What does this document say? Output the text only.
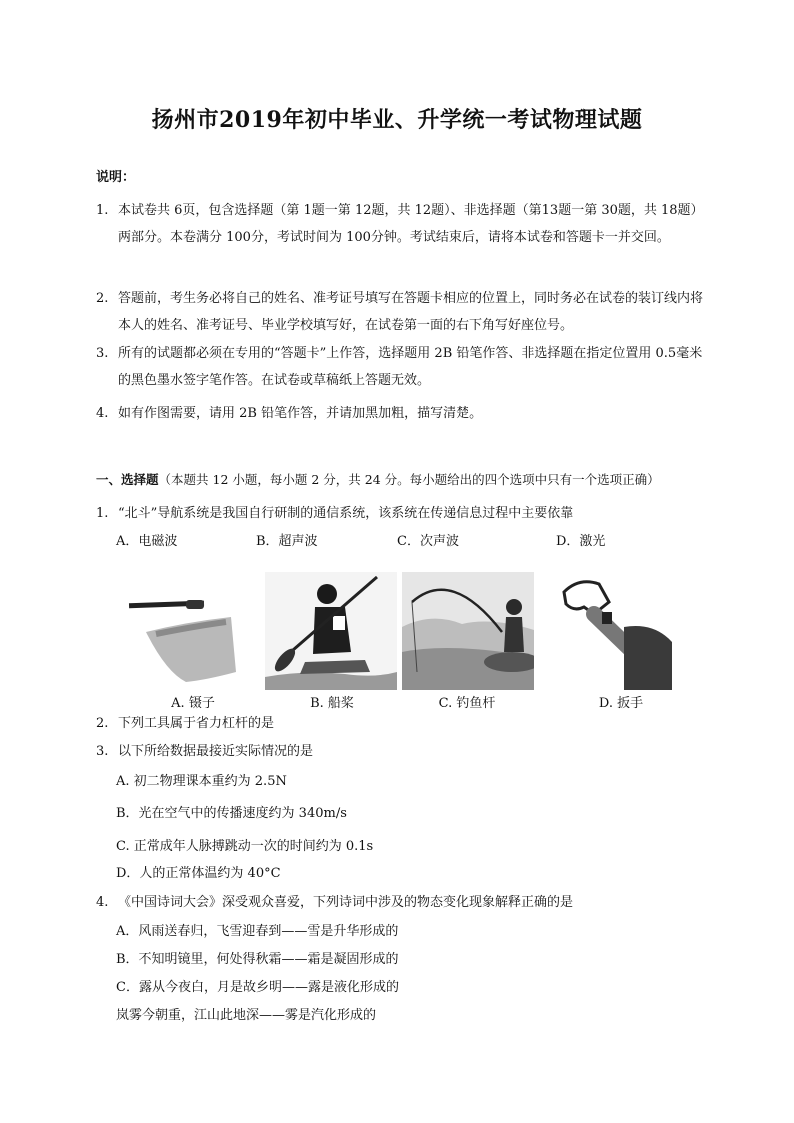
扬州市2019年初中毕业、升学统一考试物理试题
说明：
1. 本试卷共 6页，包含选择题（第 1题一第 12题，共 12题）、非选择题（第13题一第 30题，共 18题）两部分。本卷满分 100分，考试时间为 100分钟。考试结束后，请将本试卷和答题卡一并交回。
2. 答题前，考生务必将自己的姓名、准考证号填写在答题卡相应的位置上，同时务必在试卷的装订线内将本人的姓名、准考证号、毕业学校填写好，在试卷第一面的右下角写好座位号。
3. 所有的试题都必须在专用的“答题卡”上作答，选择题用 2B 铅笔作答、非选择题在指定位置用 0.5毫米的黑色墨水签字笔作答。在试卷或草稿纸上答题无效。
4. 如有作图需要，请用 2B 铅笔作答，并请加黑加粗，描写清楚。
一、选择题（本题共 12 小题，每小题 2 分，共 24 分。每小题给出的四个选项中只有一个选项正确）
1. “北斗”导航系统是我国自行研制的通信系统，该系统在传递信息过程中主要依靠
A．电磁波	B．超声波	C．次声波	D．激光
A. 镊子	B. 船桨	C. 钓鱼杆	D. 扳手
2. 下列工具属于省力杠杆的是
3. 以下所给数据最接近实际情况的是
A. 初二物理课本重约为 2.5N
B．光在空气中的传播速度约为 340m/s
C. 正常成年人脉搏跳动一次的时间约为 0.1s
D．人的正常体温约为 40°C
4. 《中国诗词大会》深受观众喜爱，下列诗词中涉及的物态变化现象解释正确的是
A．风雨送春归，飞雪迎春到——雪是升华形成的
B．不知明镜里，何处得秋霜——霜是凝固形成的
C．露从今夜白，月是故乡明——露是液化形成的
岚雾今朝重，江山此地深——雾是汽化形成的
